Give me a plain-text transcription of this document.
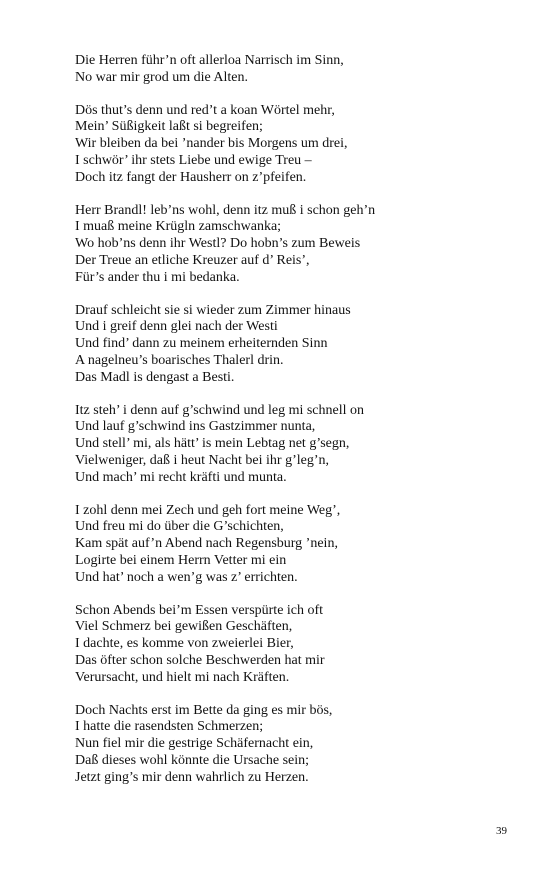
Die Herren führ’n oft allerloa Narrisch im Sinn,
No war mir grod um die Alten.
Dös thut’s denn und red’t a koan Wörtel mehr,
Mein’ Süßigkeit laßt si begreifen;
Wir bleiben da bei ’nander bis Morgens um drei,
I schwör’ ihr stets Liebe und ewige Treu –
Doch itz fangt der Hausherr on z’pfeifen.
Herr Brandl! leb’ns wohl, denn itz muß i schon geh’n
I muaß meine Krügln zamschwanka;
Wo hob’ns denn ihr Westl? Do hobn’s zum Beweis
Der Treue an etliche Kreuzer auf d’ Reis’,
Für’s ander thu i mi bedanka.
Drauf schleicht sie si wieder zum Zimmer hinaus
Und i greif denn glei nach der Westi
Und find’ dann zu meinem erheiternden Sinn
A nagelneu’s boarisches Thalerl drin.
Das Madl is dengast a Besti.
Itz steh’ i denn auf g’schwind und leg mi schnell on
Und lauf g’schwind ins Gastzimmer nunta,
Und stell’ mi, als hätt’ is mein Lebtag net g’segn,
Vielweniger, daß i heut Nacht bei ihr g’leg’n,
Und mach’ mi recht kräfti und munta.
I zohl denn mei Zech und geh fort meine Weg’,
Und freu mi do über die G’schichten,
Kam spät auf’n Abend nach Regensburg ’nein,
Logirte bei einem Herrn Vetter mi ein
Und hat’ noch a wen’g was z’ errichten.
Schon Abends bei’m Essen verspürte ich oft
Viel Schmerz bei gewißen Geschäften,
I dachte, es komme von zweierlei Bier,
Das öfter schon solche Beschwerden hat mir
Verursacht, und hielt mi nach Kräften.
Doch Nachts erst im Bette da ging es mir bös,
I hatte die rasendsten Schmerzen;
Nun fiel mir die gestrige Schäfernacht ein,
Daß dieses wohl könnte die Ursache sein;
Jetzt ging’s mir denn wahrlich zu Herzen.
39
